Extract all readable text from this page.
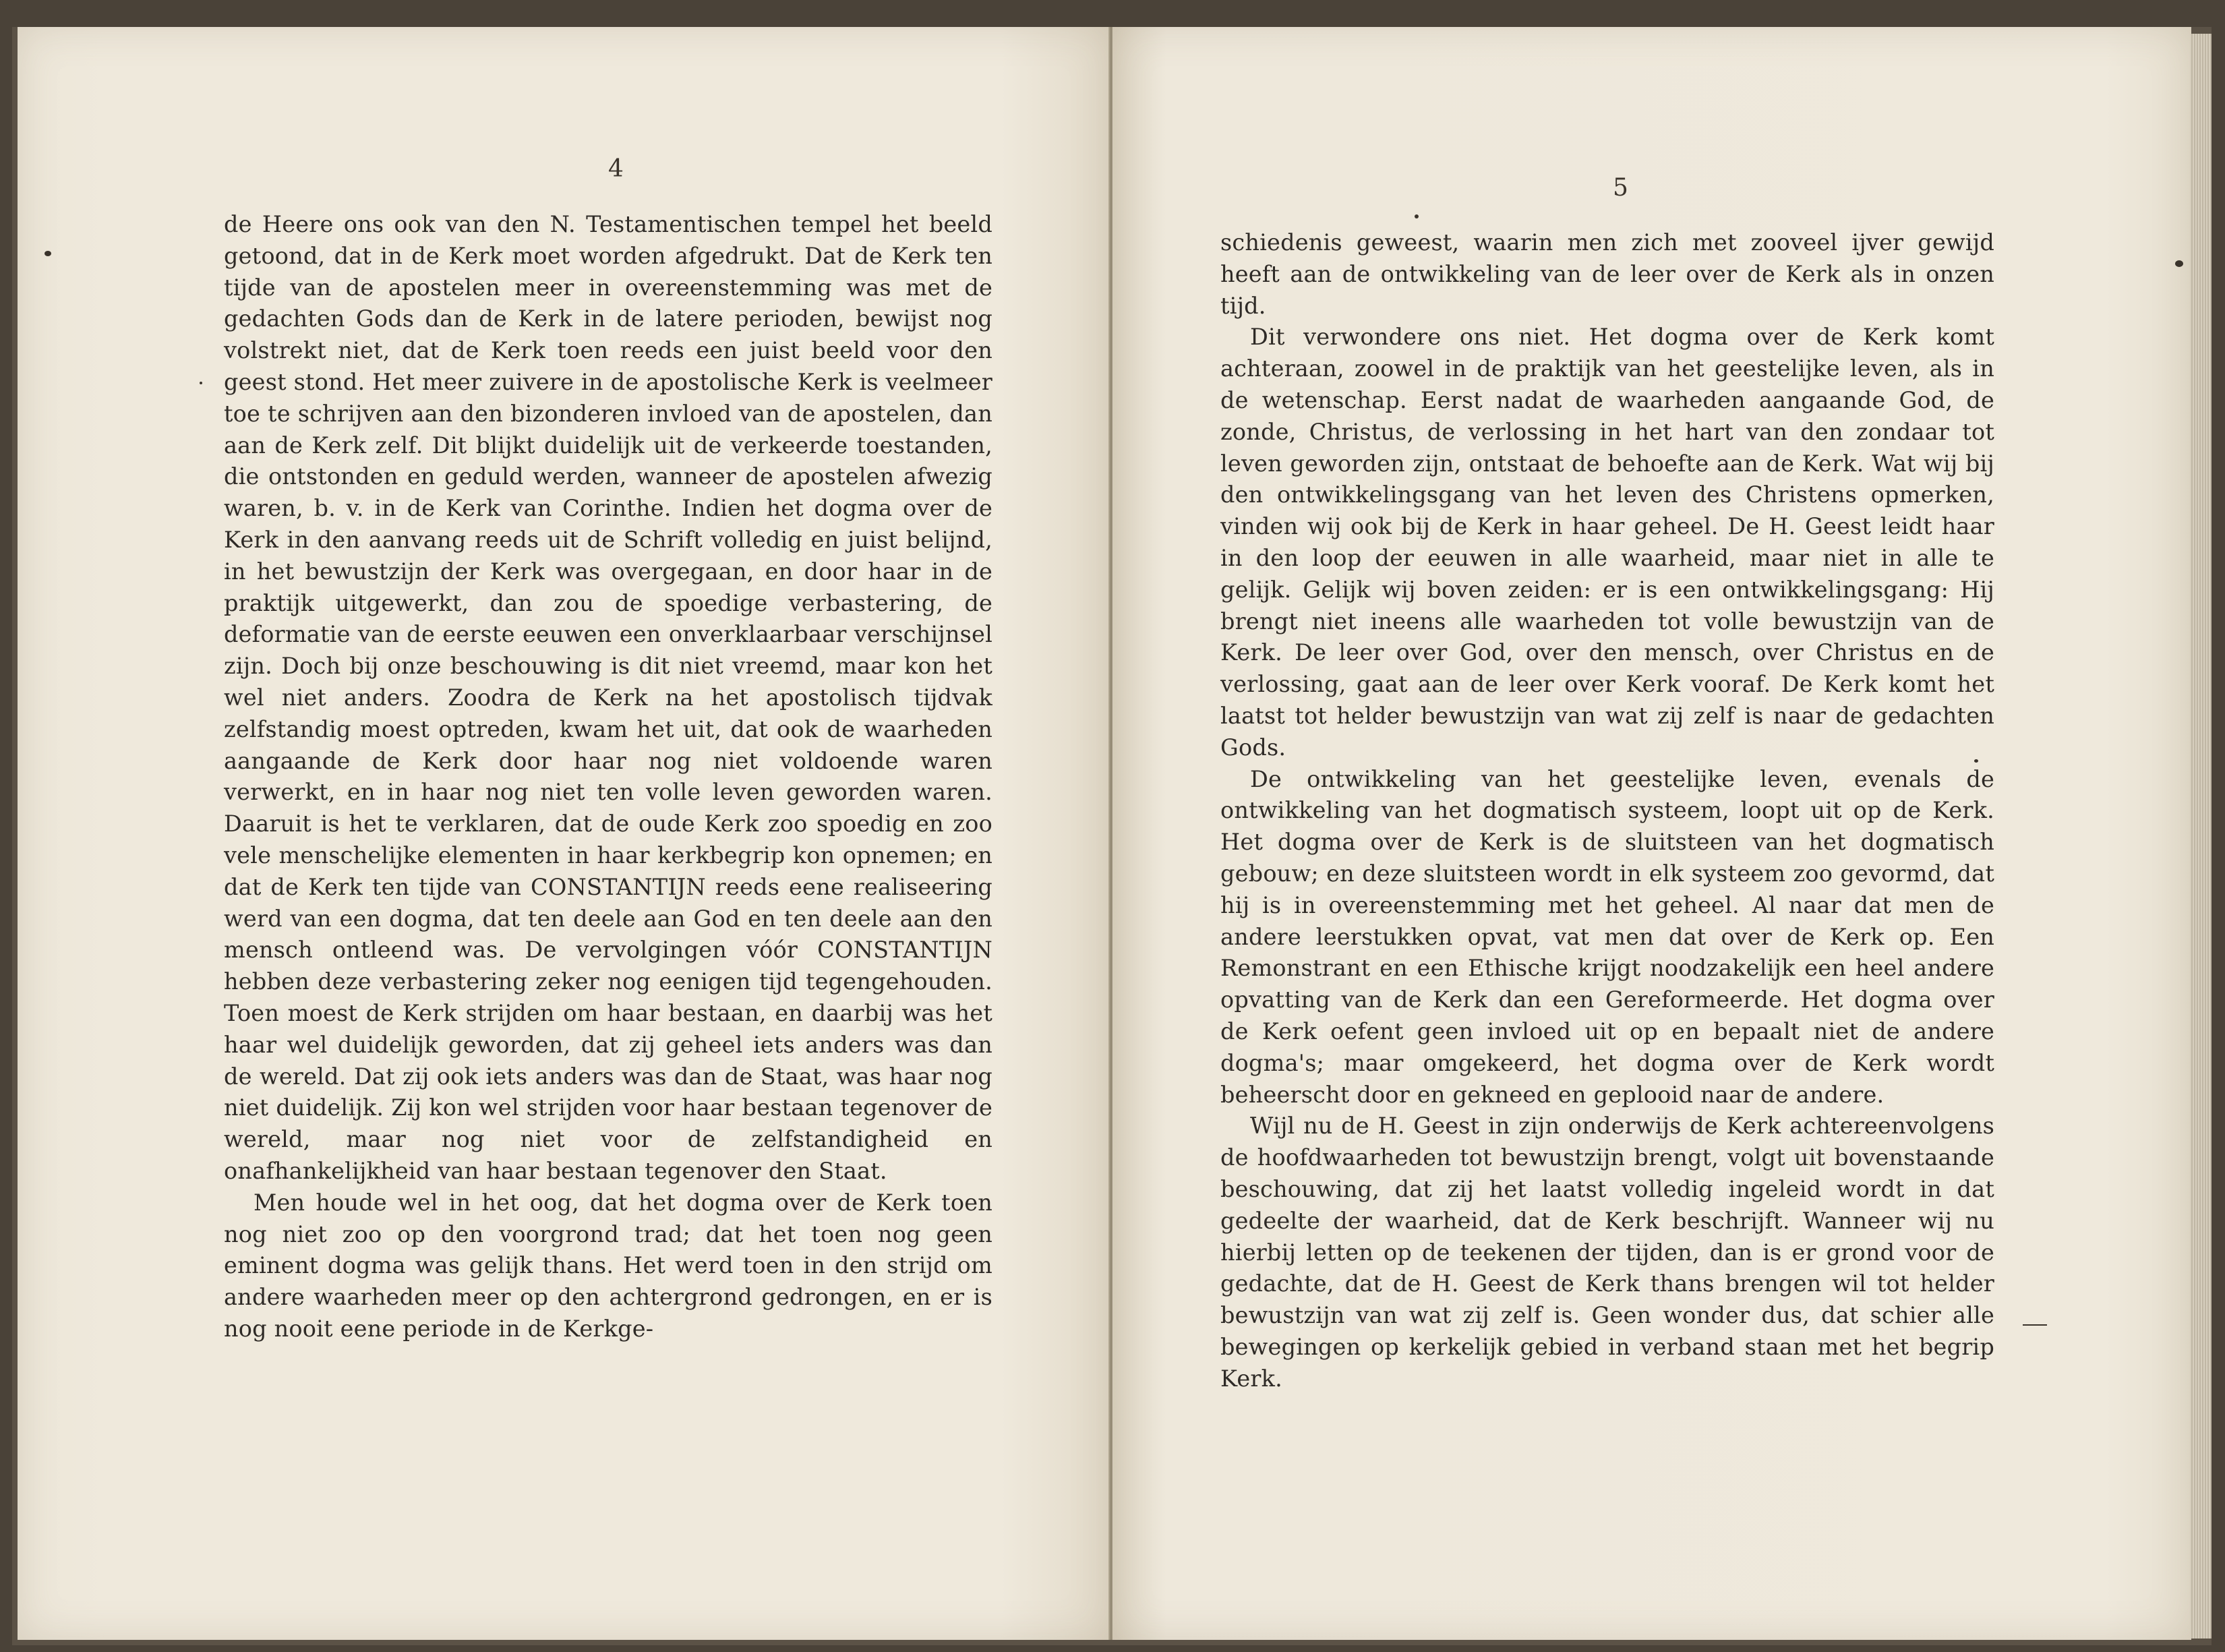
4
5

de Heere ons ook van den N. Testamentischen tempel het beeld getoond, dat in de Kerk moet worden afgedrukt. Dat de Kerk ten tijde van de apostelen meer in overeenstemming was met de gedachten Gods dan de Kerk in de latere perioden, bewijst nog volstrekt niet, dat de Kerk toen reeds een juist beeld voor den geest stond. Het meer zuivere in de apostolische Kerk is veelmeer toe te schrijven aan den bizonderen invloed van de apostelen, dan aan de Kerk zelf. Dit blijkt duidelijk uit de verkeerde toestanden, die ontstonden en geduld werden, wanneer de apostelen afwezig waren, b. v. in de Kerk van Corinthe. Indien het dogma over de Kerk in den aanvang reeds uit de Schrift volledig en juist belijnd, in het bewustzijn der Kerk was overgegaan, en door haar in de praktijk uitgewerkt, dan zou de spoedige verbastering, de deformatie van de eerste eeuwen een onverklaarbaar verschijnsel zijn. Doch bij onze beschouwing is dit niet vreemd, maar kon het wel niet anders. Zoodra de Kerk na het apostolisch tijdvak zelfstandig moest optreden, kwam het uit, dat ook de waarheden aangaande de Kerk door haar nog niet voldoende waren verwerkt, en in haar nog niet ten volle leven geworden waren. Daaruit is het te verklaren, dat de oude Kerk zoo spoedig en zoo vele menschelijke elementen in haar kerkbegrip kon opnemen; en dat de Kerk ten tijde van CONSTANTIJN reeds eene realiseering werd van een dogma, dat ten deele aan God en ten deele aan den mensch ontleend was. De vervolgingen vóór CONSTANTIJN hebben deze verbastering zeker nog eenigen tijd tegengehouden. Toen moest de Kerk strijden om haar bestaan, en daarbij was het haar wel duidelijk geworden, dat zij geheel iets anders was dan de wereld. Dat zij ook iets anders was dan de Staat, was haar nog niet duidelijk. Zij kon wel strijden voor haar bestaan tegenover de wereld, maar nog niet voor de zelfstandigheid en onafhankelijkheid van haar bestaan tegenover den Staat.

Men houde wel in het oog, dat het dogma over de Kerk toen nog niet zoo op den voorgrond trad; dat het toen nog geen eminent dogma was gelijk thans. Het werd toen in den strijd om andere waarheden meer op den achtergrond gedrongen, en er is nog nooit eene periode in de Kerkge-

schiedenis geweest, waarin men zich met zooveel ijver gewijd heeft aan de ontwikkeling van de leer over de Kerk als in onzen tijd.

Dit verwondere ons niet. Het dogma over de Kerk komt achteraan, zoowel in de praktijk van het geestelijke leven, als in de wetenschap. Eerst nadat de waarheden aangaande God, de zonde, Christus, de verlossing in het hart van den zondaar tot leven geworden zijn, ontstaat de behoefte aan de Kerk. Wat wij bij den ontwikkelingsgang van het leven des Christens opmerken, vinden wij ook bij de Kerk in haar geheel. De H. Geest leidt haar in den loop der eeuwen in alle waarheid, maar niet in alle te gelijk. Gelijk wij boven zeiden: er is een ontwikkelingsgang: Hij brengt niet ineens alle waarheden tot volle bewustzijn van de Kerk. De leer over God, over den mensch, over Christus en de verlossing, gaat aan de leer over Kerk vooraf. De Kerk komt het laatst tot helder bewustzijn van wat zij zelf is naar de gedachten Gods.

De ontwikkeling van het geestelijke leven, evenals de ontwikkeling van het dogmatisch systeem, loopt uit op de Kerk. Het dogma over de Kerk is de sluitsteen van het dogmatisch gebouw; en deze sluitsteen wordt in elk systeem zoo gevormd, dat hij is in overeenstemming met het geheel. Al naar dat men de andere leerstukken opvat, vat men dat over de Kerk op. Een Remonstrant en een Ethische krijgt noodzakelijk een heel andere opvatting van de Kerk dan een Gereformeerde. Het dogma over de Kerk oefent geen invloed uit op en bepaalt niet de andere dogma's; maar omgekeerd, het dogma over de Kerk wordt beheerscht door en gekneed en geplooid naar de andere.

Wijl nu de H. Geest in zijn onderwijs de Kerk achtereenvolgens de hoofdwaarheden tot bewustzijn brengt, volgt uit bovenstaande beschouwing, dat zij het laatst volledig ingeleid wordt in dat gedeelte der waarheid, dat de Kerk beschrijft. Wanneer wij nu hierbij letten op de teekenen der tijden, dan is er grond voor de gedachte, dat de H. Geest de Kerk thans brengen wil tot helder bewustzijn van wat zij zelf is. Geen wonder dus, dat schier alle bewegingen op kerkelijk gebied in verband staan met het begrip Kerk.
